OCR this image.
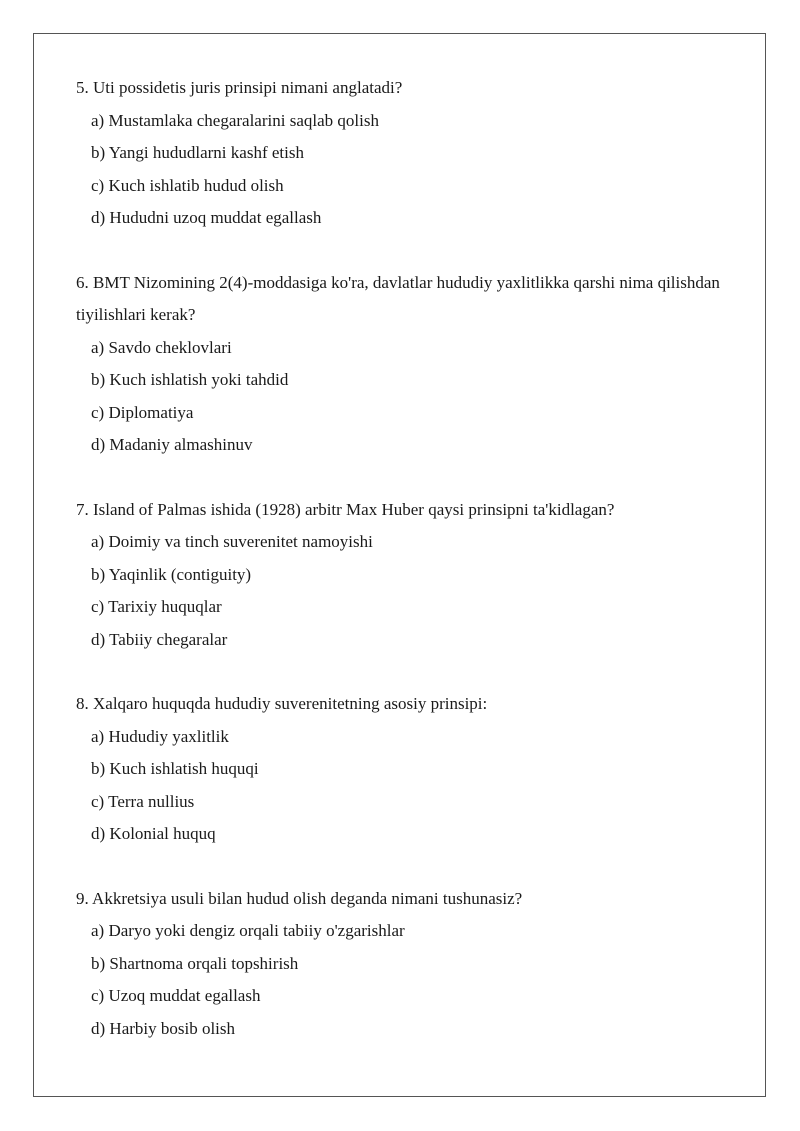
5. Uti possidetis juris prinsipi nimani anglatadi?

a) Mustamlaka chegaralarini saqlab qolish

b) Yangi hududlarni kashf etish

c) Kuch ishlatib hudud olish

d) Hududni uzoq muddat egallash

6. BMT Nizomining 2(4)-moddasiga ko'ra, davlatlar hududiy yaxlitlikka qarshi nima qilishdan tiyilishlari kerak?

a) Savdo cheklovlari

b) Kuch ishlatish yoki tahdid

c) Diplomatiya

d) Madaniy almashinuv

7. Island of Palmas ishida (1928) arbitr Max Huber qaysi prinsipni ta'kidlagan?

a) Doimiy va tinch suverenitet namoyishi

b) Yaqinlik (contiguity)

c) Tarixiy huquqlar

d) Tabiiy chegaralar

8. Xalqaro huquqda hududiy suverenitetning asosiy prinsipi:

a) Hududiy yaxlitlik

b) Kuch ishlatish huquqi

c) Terra nullius

d) Kolonial huquq

9. Akkretsiya usuli bilan hudud olish deganda nimani tushunasiz?

a) Daryo yoki dengiz orqali tabiiy o'zgarishlar

b) Shartnoma orqali topshirish

c) Uzoq muddat egallash

d) Harbiy bosib olish
